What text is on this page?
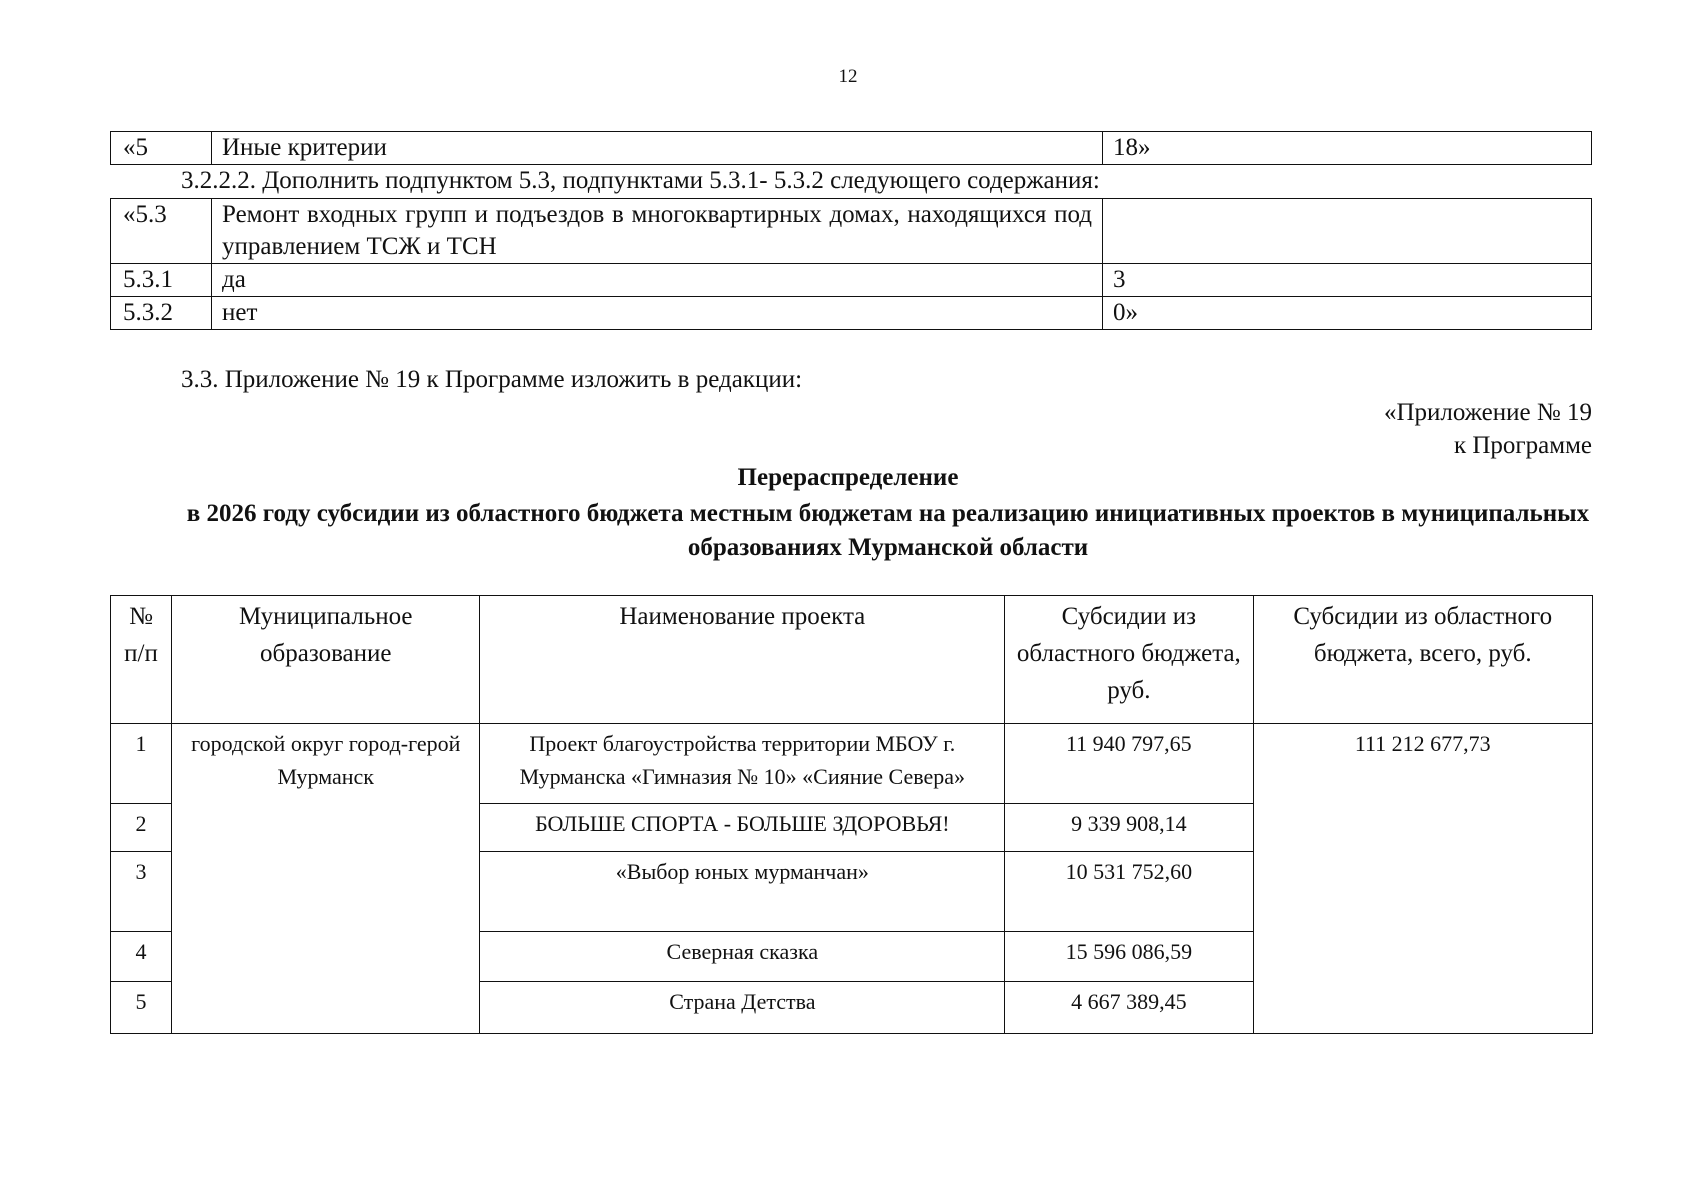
12
«5	Иные критерии	18»
3.2.2.2. Дополнить подпунктом 5.3, подпунктами 5.3.1- 5.3.2 следующего содержания:
«5.3	Ремонт входных групп и подъездов в многоквартирных домах, находящихся под управлением ТСЖ и ТСН	
5.3.1	да	3
5.3.2	нет	0»
3.3. Приложение № 19 к Программе изложить в редакции:
«Приложение № 19
к Программе
Перераспределение
в 2026 году субсидии из областного бюджета местным бюджетам на реализацию инициативных проектов в муниципальных образованиях Мурманской области
№ п/п	Муниципальное образование	Наименование проекта	Субсидии из областного бюджета, руб.	Субсидии из областного бюджета, всего, руб.
1	городской округ город-герой Мурманск	Проект благоустройства территории МБОУ г. Мурманска «Гимназия № 10» «Сияние Севера»	11 940 797,65	111 212 677,73
2		БОЛЬШЕ СПОРТА - БОЛЬШЕ ЗДОРОВЬЯ!	9 339 908,14	
3		«Выбор юных мурманчан»	10 531 752,60	
4		Северная сказка	15 596 086,59	
5		Страна Детства	4 667 389,45	
